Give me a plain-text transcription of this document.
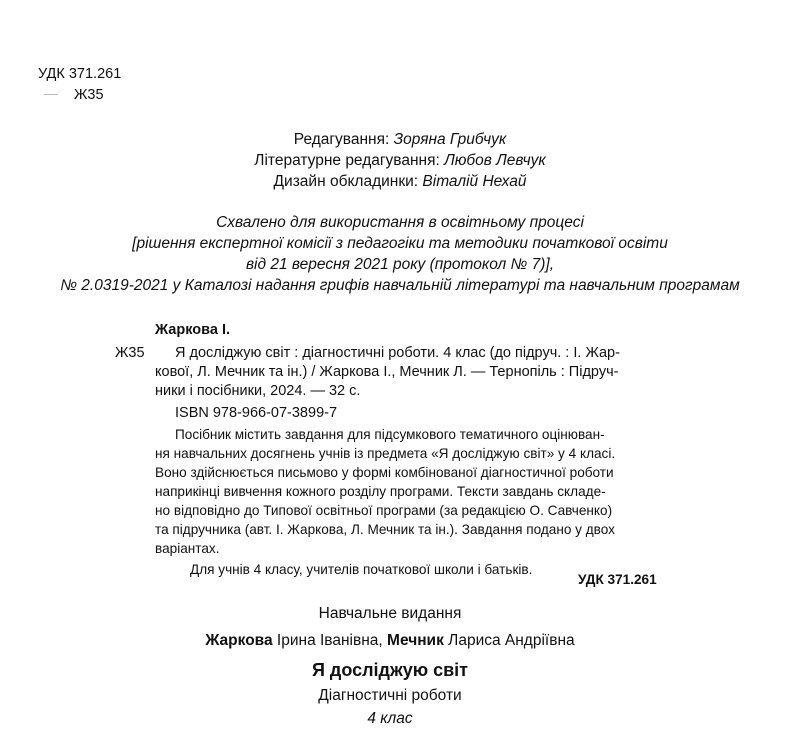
УДК 371.261
Ж35
Редагування: Зоряна Грибчук
Літературне редагування: Любов Левчук
Дизайн обкладинки: Віталій Нехай
Схвалено для використання в освітньому процесі
[рішення експертної комісії з педагогіки та методики початкової освіти
від 21 вересня 2021 року (протокол № 7)],
№ 2.0319-2021 у Каталозі надання грифів навчальній літературі та навчальним програмам
Жаркова І.
Ж35 Я досліджую світ : діагностичні роботи. 4 клас (до підруч. : І. Жар-
кової, Л. Мечник та ін.) / Жаркова І., Мечник Л. — Тернопіль : Підруч-
ники і посібники, 2024. — 32 с.
ISBN 978-966-07-3899-7
Посібник містить завдання для підсумкового тематичного оцінюван-
ня навчальних досягнень учнів із предмета «Я досліджую світ» у 4 класі.
Воно здійснюється письмово у формі комбінованої діагностичної роботи
наприкінці вивчення кожного розділу програми. Тексти завдань складе-
но відповідно до Типової освітньої програми (за редакцією О. Савченко)
та підручника (авт. І. Жаркова, Л. Мечник та ін.). Завдання подано у двох
варіантах.
Для учнів 4 класу, учителів початкової школи і батьків.
УДК 371.261
Навчальне видання
Жаркова Ірина Іванівна, Мечник Лариса Андріївна
Я досліджую світ
Діагностичні роботи
4 клас
